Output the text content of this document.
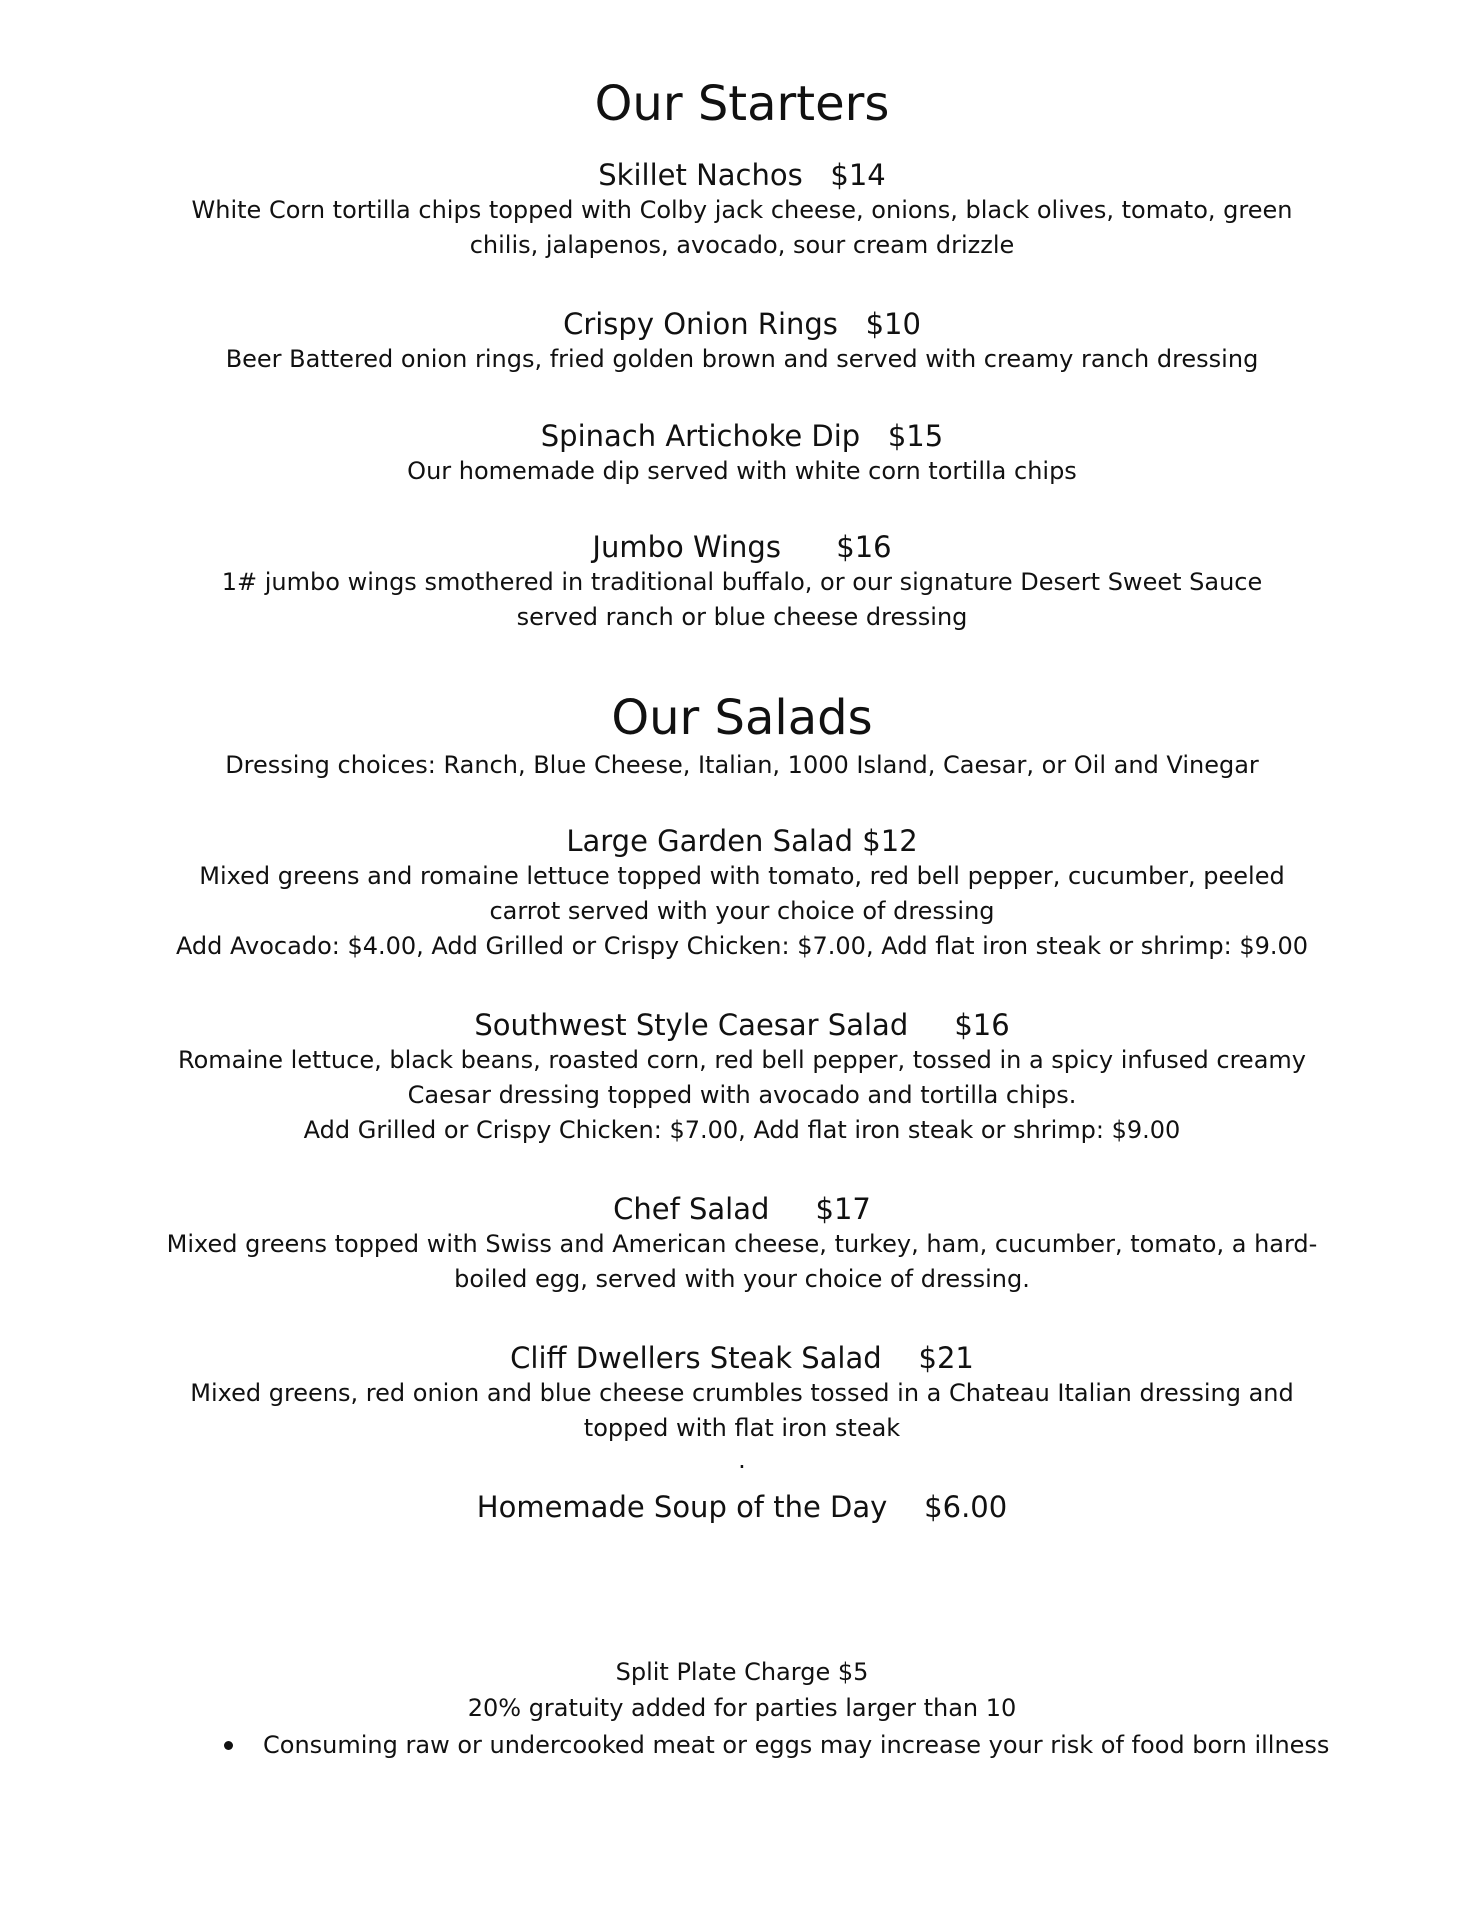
Our Starters
Skillet Nachos   $14
White Corn tortilla chips topped with Colby jack cheese, onions, black olives, tomato, green
chilis, jalapenos, avocado, sour cream drizzle
Crispy Onion Rings   $10
Beer Battered onion rings, fried golden brown and served with creamy ranch dressing
Spinach Artichoke Dip   $15
Our homemade dip served with white corn tortilla chips
Jumbo Wings      $16
1# jumbo wings smothered in traditional buffalo, or our signature Desert Sweet Sauce
served ranch or blue cheese dressing
Our Salads
Dressing choices: Ranch, Blue Cheese, Italian, 1000 Island, Caesar, or Oil and Vinegar
Large Garden Salad $12
Mixed greens and romaine lettuce topped with tomato, red bell pepper, cucumber, peeled
carrot served with your choice of dressing
Add Avocado: $4.00, Add Grilled or Crispy Chicken: $7.00, Add flat iron steak or shrimp: $9.00
Southwest Style Caesar Salad     $16
Romaine lettuce, black beans, roasted corn, red bell pepper, tossed in a spicy infused creamy
Caesar dressing topped with avocado and tortilla chips.
Add Grilled or Crispy Chicken: $7.00, Add flat iron steak or shrimp: $9.00
Chef Salad     $17
Mixed greens topped with Swiss and American cheese, turkey, ham, cucumber, tomato, a hard-
boiled egg, served with your choice of dressing.
Cliff Dwellers Steak Salad    $21
Mixed greens, red onion and blue cheese crumbles tossed in a Chateau Italian dressing and
topped with flat iron steak
.
Homemade Soup of the Day    $6.00
Split Plate Charge $5
20% gratuity added for parties larger than 10
Consuming raw or undercooked meat or eggs may increase your risk of food born illness
